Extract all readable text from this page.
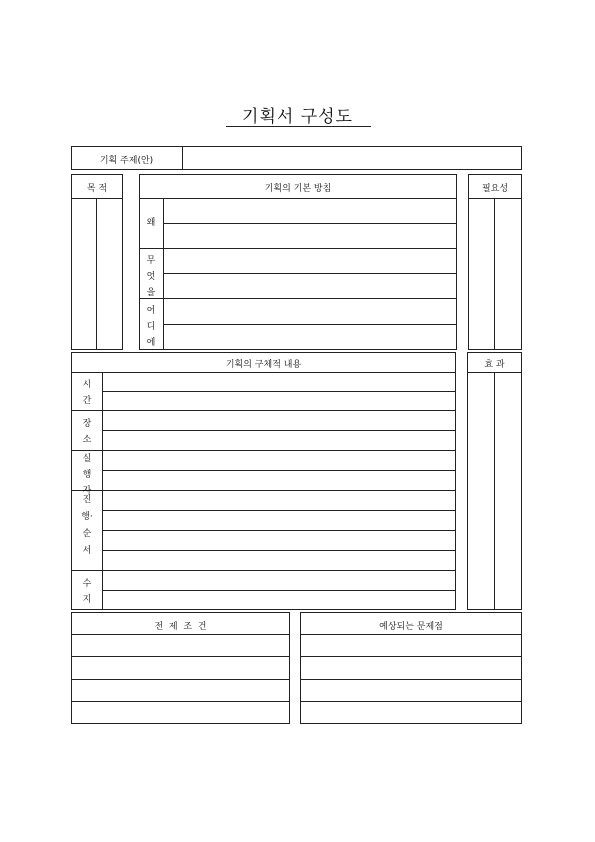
기획서 구성도
기획 주제(안)
목 적	기획의 기본 방침
왜
무엇을
어디에
필요성
기획의 구체적 내용
시간
장소
실행자
진행·순서
수지
효 과
전  제  조  건	예상되는 문제점
